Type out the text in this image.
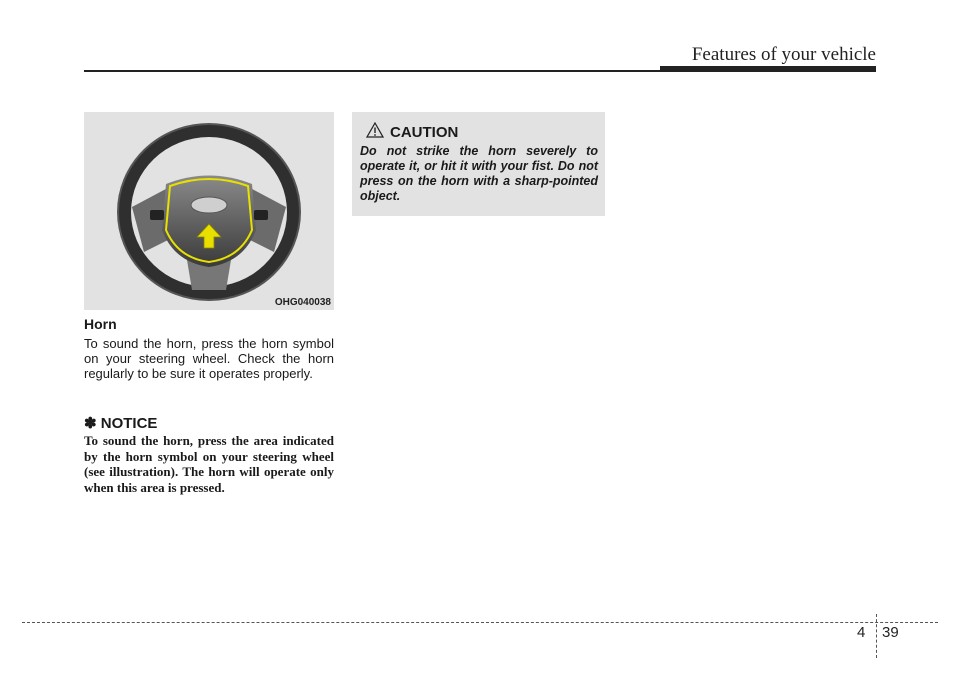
Features of your vehicle
OHG040038
Horn

To sound the horn, press the horn symbol on your steering wheel. Check the horn regularly to be sure it operates properly.

✽ NOTICE

To sound the horn, press the area indicated by the horn symbol on your steering wheel (see illustration). The horn will operate only when this area is pressed.

CAUTION

Do not strike the horn severely to operate it, or hit it with your fist. Do not press on the horn with a sharp-pointed object.

4 39
